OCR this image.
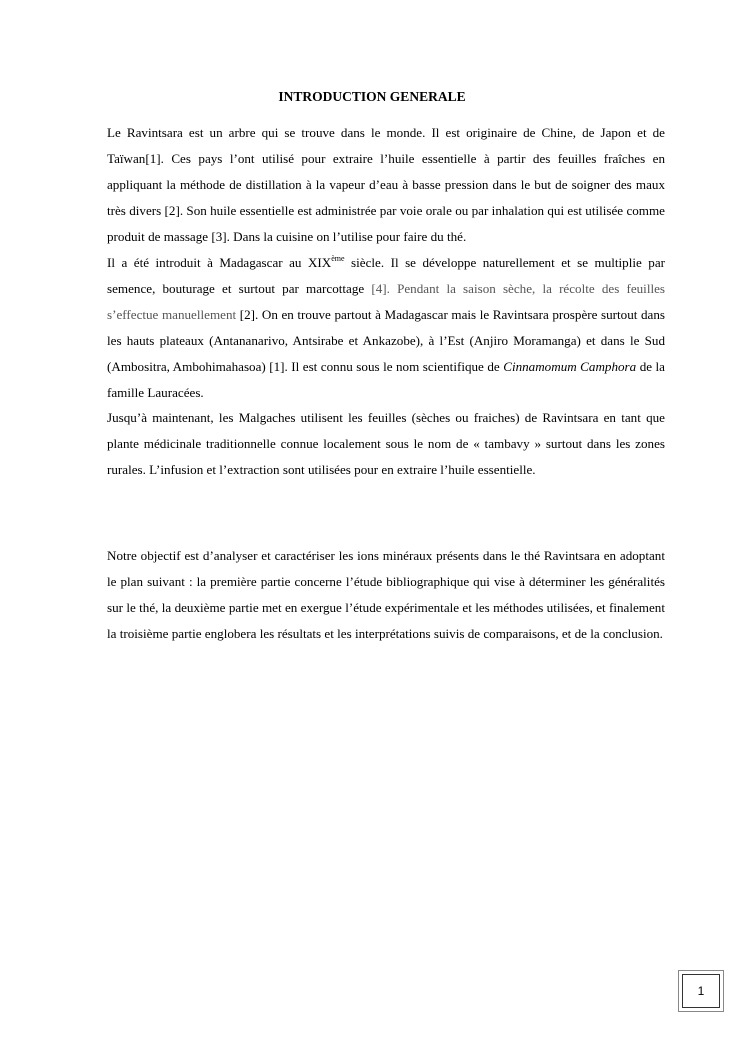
INTRODUCTION GENERALE
Le Ravintsara est un arbre qui se trouve dans le monde. Il est originaire de Chine, de Japon et de Taïwan[1]. Ces pays l’ont utilisé pour extraire l’huile essentielle à partir des feuilles fraîches en appliquant la méthode de distillation à la vapeur d’eau à basse pression dans le but de soigner des maux très divers [2]. Son huile essentielle est administrée par voie orale ou par inhalation qui est utilisée comme produit de massage [3]. Dans la cuisine on l’utilise pour faire du thé.
Il a été introduit à Madagascar au XIXème siècle. Il se développe naturellement et se multiplie par semence, bouturage et surtout par marcottage [4]. Pendant la saison sèche, la récolte des feuilles s’effectue manuellement [2]. On en trouve partout à Madagascar mais le Ravintsara prospère surtout dans les hauts plateaux (Antananarivo, Antsirabe et Ankazobe), à l’Est (Anjiro Moramanga) et dans le Sud (Ambositra, Ambohimahasoa) [1]. Il est connu sous le nom scientifique de Cinnamomum Camphora de la famille Lauracées.
Jusqu’à maintenant, les Malgaches utilisent les feuilles (sèches ou fraiches) de Ravintsara en tant que plante médicinale traditionnelle connue localement sous le nom de « tambavy » surtout dans les zones rurales. L’infusion et l’extraction sont utilisées pour en extraire l’huile essentielle.
Notre objectif est d’analyser et caractériser les ions minéraux présents dans le thé Ravintsara en adoptant le plan suivant : la première partie concerne l’étude bibliographique qui vise à déterminer les généralités sur le thé, la deuxième partie met en exergue l’étude expérimentale et les méthodes utilisées, et finalement la troisième partie englobera les résultats et les interprétations suivis de comparaisons, et de la conclusion.
1
